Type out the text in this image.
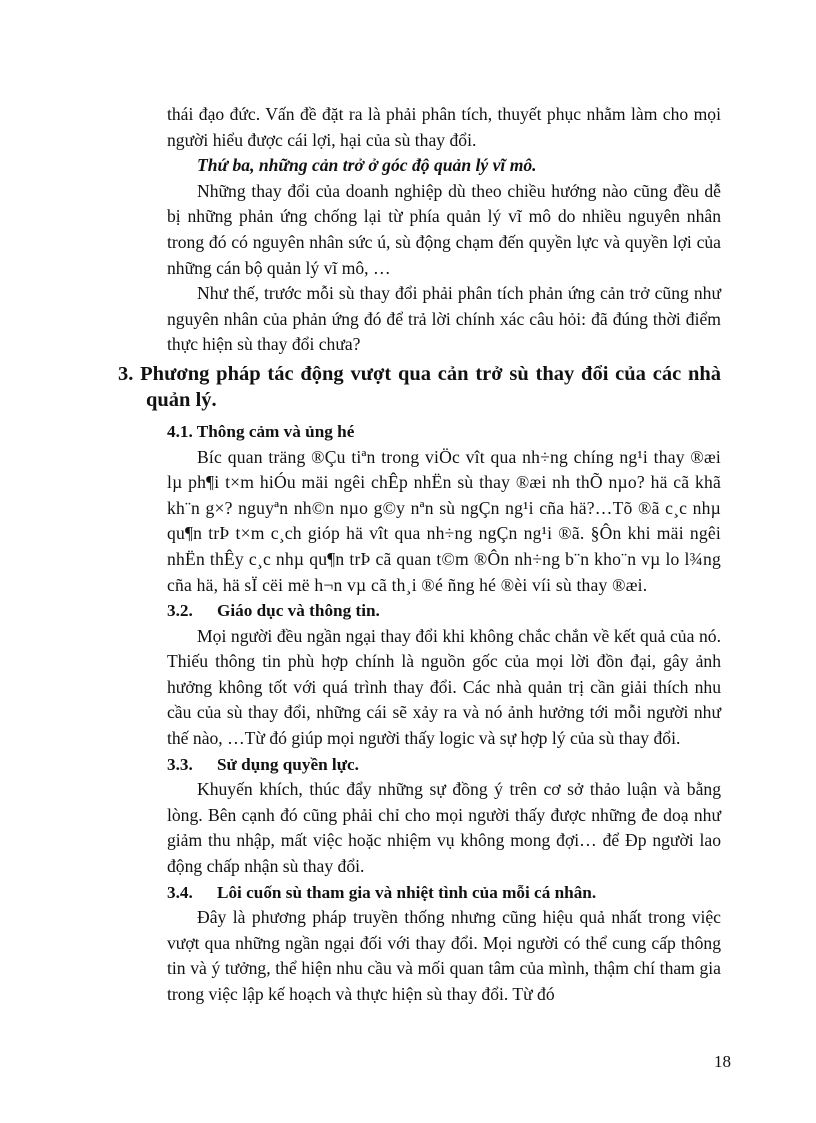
thái đạo đức. Vấn đề đặt ra là phải phân tích, thuyết phục nhằm làm cho mọi người hiểu được cái lợi, hại của sù thay đổi.

Thứ ba, những cản trở ở góc độ quản lý vĩ mô.

Những thay đổi của doanh nghiệp dù theo chiều hướng nào cũng đều dễ bị những phản ứng chống lại từ phía quản lý vĩ mô do nhiều nguyên nhân trong đó có nguyên nhân sức ú, sù động chạm đến quyền lực và quyền lợi của những cán bộ quản lý vĩ mô, …

Như thế, trước mỗi sù thay đổi phải phân tích phản ứng cản trở cũng như nguyên nhân của phản ứng đó để trả lời chính xác câu hỏi: đã đúng thời điểm thực hiện sù thay đổi chưa?

3. Phương pháp tác động vượt qua cản trở sù thay đổi của các nhà quản lý.

4.1. Thông cảm và ủng hé

Bíc quan träng ®Çu tiªn trong viÖc vît qua nh÷ng chíng ng¹i thay ®æi lµ ph¶i t×m hiÓu mäi ngêi chÊp nhËn sù thay ®æi nh thÕ nµo? hä cã khã kh¨n g×? nguyªn nh©n nµo g©y nªn sù ngÇn ng¹i cña hä?…Tõ ®ã c¸c nhµ qu¶n trÞ t×m c¸ch gióp hä vît qua nh÷ng ngÇn ng¹i ®ã. §Ôn khi mäi ngêi nhËn thÊy c¸c nhµ qu¶n trÞ cã quan t©m ®Ôn nh÷ng b¨n kho¨n vµ lo l¾ng cña hä, hä sÏ cëi më h¬n vµ cã th¸i ®é ñng hé ®èi víi sù thay ®æi.

3.2. Giáo dục và thông tin.

Mọi người đều ngần ngại thay đổi khi không chắc chắn về kết quả của nó. Thiếu thông tin phù hợp chính là nguồn gốc của mọi lời đồn đại, gây ảnh hưởng không tốt với quá trình thay đổi. Các nhà quản trị cần giải thích nhu cầu của sù thay đổi, những cái sẽ xảy ra và nó ảnh hưởng tới mỗi người như thế nào, …Từ đó giúp mọi người thấy logic và sự hợp lý của sù thay đổi.

3.3. Sử dụng quyền lực.

Khuyến khích, thúc đẩy những sự đồng ý trên cơ sở thảo luận và bằng lòng. Bên cạnh đó cũng phải chỉ cho mọi người thấy được những đe doạ như giảm thu nhập, mất việc hoặc nhiệm vụ không mong đợi… để Ðp người lao động chấp nhận sù thay đổi.

3.4. Lôi cuốn sù tham gia và nhiệt tình của mỗi cá nhân.

Đây là phương pháp truyền thống nhưng cũng hiệu quả nhất trong việc vượt qua những ngần ngại đối với thay đổi. Mọi người có thể cung cấp thông tin và ý tưởng, thể hiện nhu cầu và mối quan tâm của mình, thậm chí tham gia trong việc lập kế hoạch và thực hiện sù thay đổi. Từ đó

18
